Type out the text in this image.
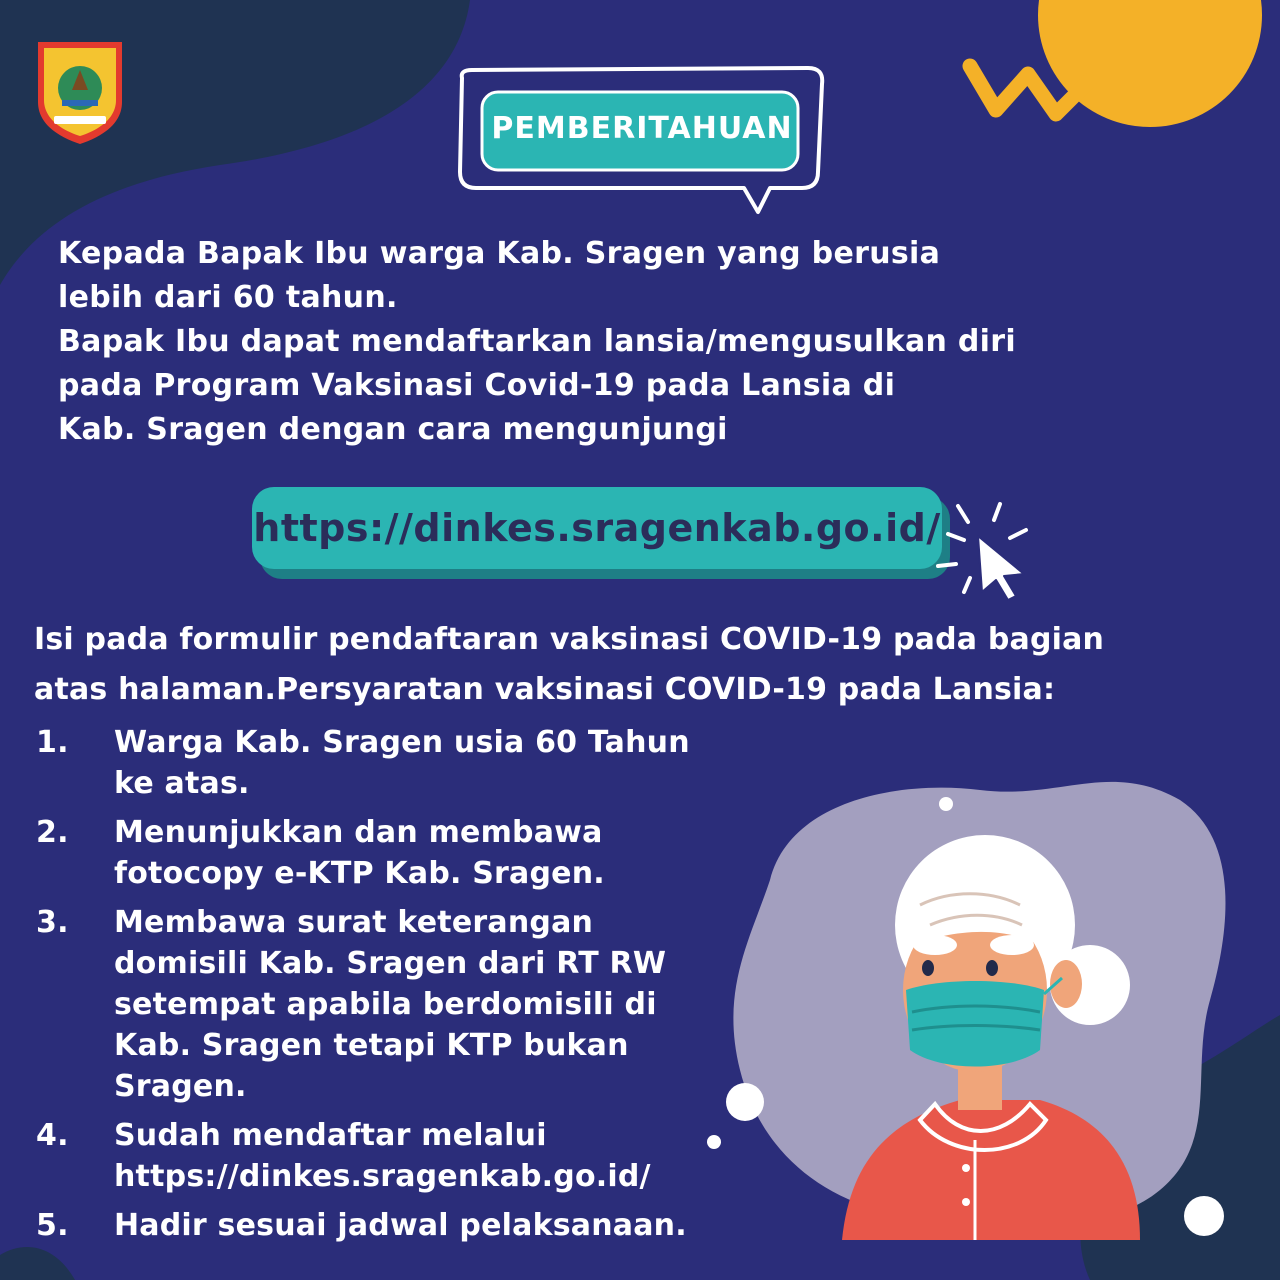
PEMBERITAHUAN

Kepada Bapak Ibu warga Kab. Sragen yang berusia
lebih dari 60 tahun.
Bapak Ibu dapat mendaftarkan lansia/mengusulkan diri
pada Program Vaksinasi Covid-19 pada Lansia di
Kab. Sragen dengan cara mengunjungi
https://dinkes.sragenkab.go.id/
Isi pada formulir pendaftaran vaksinasi COVID-19 pada bagian
atas halaman.Persyaratan vaksinasi COVID-19 pada Lansia:
1.	Warga Kab. Sragen usia 60 Tahun
ke atas.
2.	Menunjukkan dan membawa
fotocopy e-KTP Kab. Sragen.
3.	Membawa surat keterangan
domisili Kab. Sragen dari RT RW
setempat apabila berdomisili di
Kab. Sragen tetapi KTP bukan
Sragen.
4.	Sudah mendaftar melalui
https://dinkes.sragenkab.go.id/
5.	Hadir sesuai jadwal pelaksanaan.
